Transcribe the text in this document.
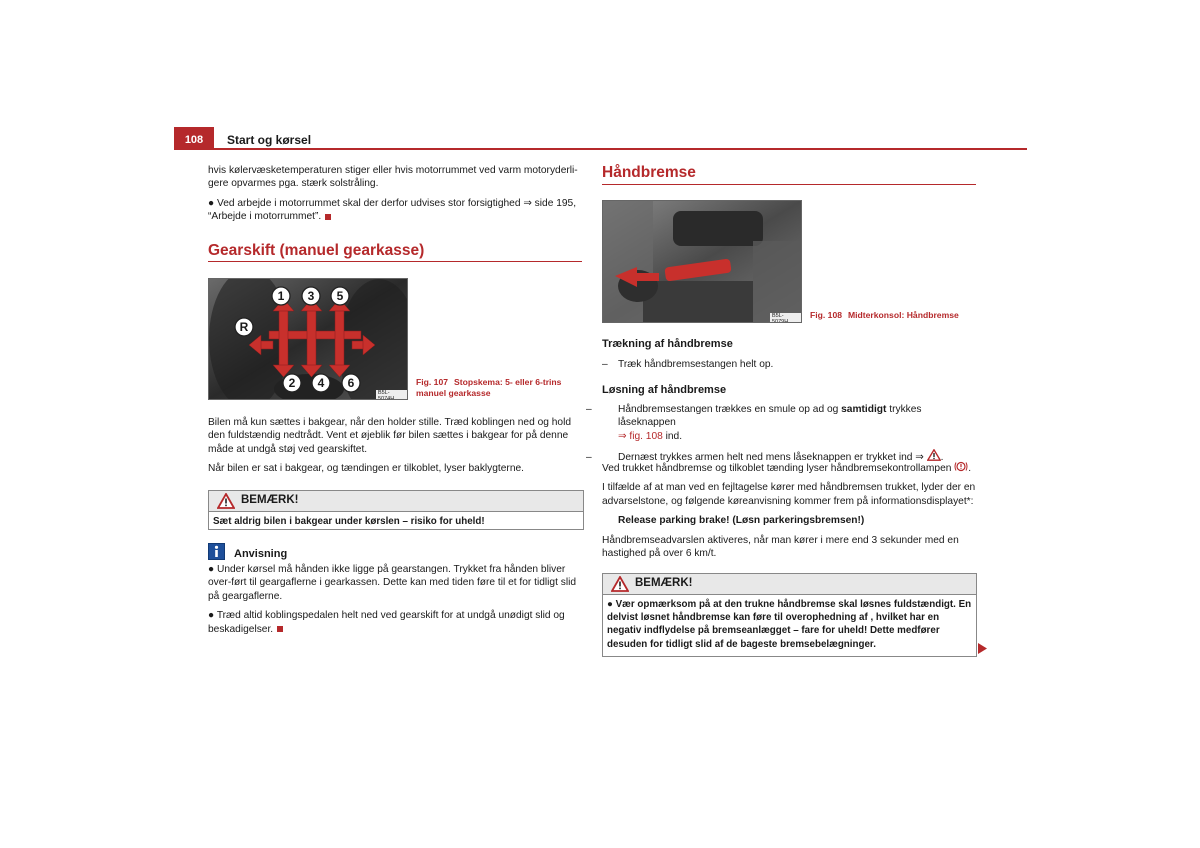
108	Start og kørsel

hvis kølervæsketemperaturen stiger eller hvis motorrummet ved varm motoryderli-gere opvarmes pga. stærk solstråling.

● Ved arbejde i motorrummet skal der derfor udvises stor forsigtighed ⇒ side 195, “Arbejde i motorrummet”.

Gearskift (manuel gearkasse)
1	3	5
R
2	4	6
B5L-5074H
Fig. 107 Stopskema: 5- eller 6-trins manuel gearkasse

Bilen må kun sættes i bakgear, når den holder stille. Træd koblingen ned og hold den fuldstændig nedtrådt. Vent et øjeblik før bilen sættes i bakgear for på denne måde at undgå støj ved gearskiftet.

Når bilen er sat i bakgear, og tændingen er tilkoblet, lyser baklygterne.

BEMÆRK!
Sæt aldrig bilen i bakgear under kørslen – risiko for uheld!
Anvisning

● Under kørsel må hånden ikke ligge på gearstangen. Trykket fra hånden bliver over-ført til geargaflerne i gearkassen. Dette kan med tiden føre til et for tidligt slid på geargaflerne.

● Træd altid koblingspedalen helt ned ved gearskift for at undgå unødigt slid og beskadigelser.

Håndbremse
B5L-5079H
Fig. 108 Midterkonsol: Håndbremse
Trækning af håndbremse
– Træk håndbremsestangen helt op.
Løsning af håndbremse

–	Håndbremsestangen trækkes en smule op ad og samtidigt trykkes låseknappen
⇒ fig. 108 ind.

–	Dernæst trykkes armen helt ned mens låseknappen er trykket ind ⇒ .

Ved trukket håndbremse og tilkoblet tænding lyser håndbremsekontrollampen .

I tilfælde af at man ved en fejltagelse kører med håndbremsen trukket, lyder der en advarselstone, og følgende køreanvisning kommer frem på informationsdisplayet*:

Release parking brake! (Løsn parkeringsbremsen!)

Håndbremseadvarslen aktiveres, når man kører i mere end 3 sekunder med en hastighed på over 6 km/t.

BEMÆRK!
● Vær opmærksom på at den trukne håndbremse skal løsnes fuldstændigt. En delvist løsnet håndbremse kan føre til overophedning af , hvilket har en negativ indflydelse på bremseanlægget – fare for uheld! Dette medfører desuden for tidligt slid af de bageste bremsebelægninger.
